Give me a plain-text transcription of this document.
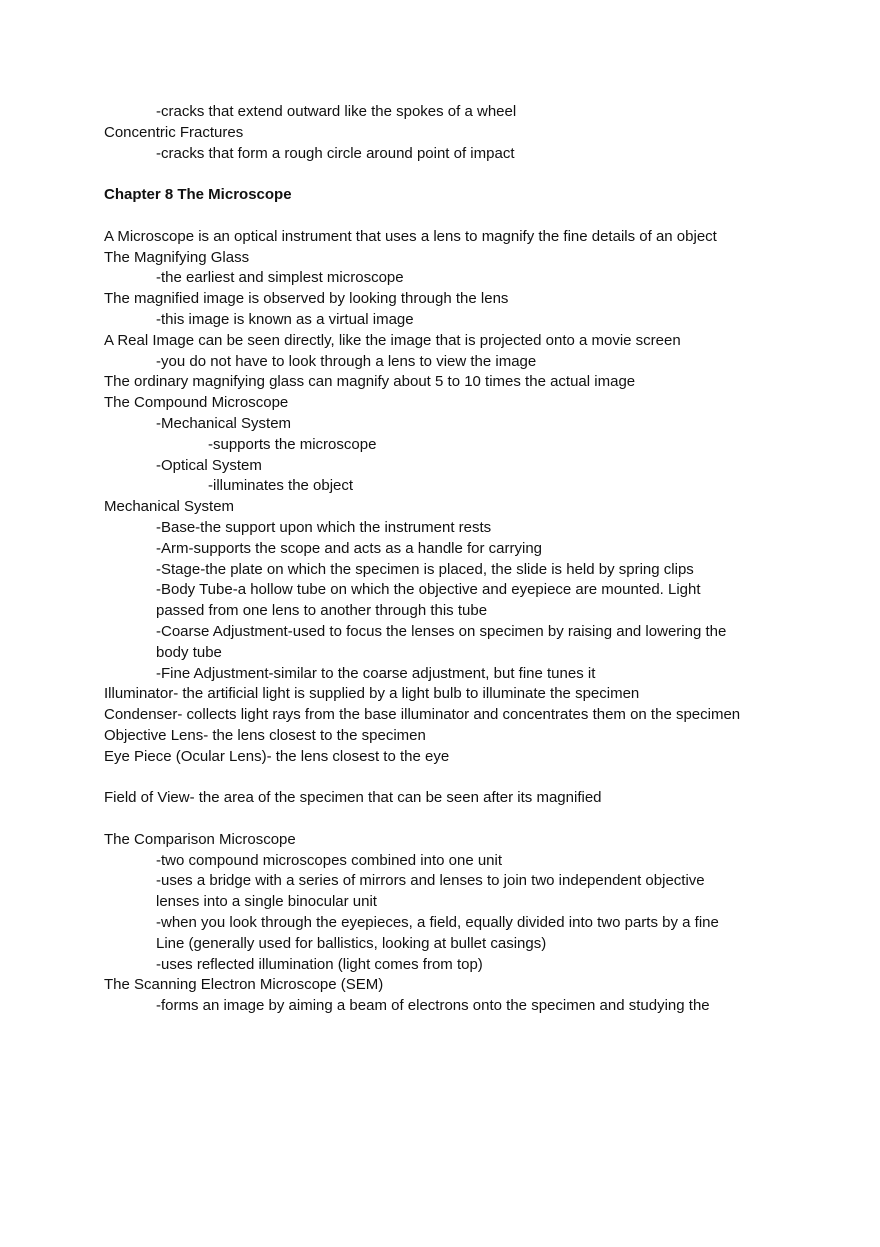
-cracks that extend outward like the spokes of a wheel
Concentric Fractures
-cracks that form a rough circle around point of impact
Chapter 8 The Microscope
A Microscope is an optical instrument that uses a lens to magnify the fine details of an object
The Magnifying Glass
-the earliest and simplest microscope
The magnified image is observed by looking through the lens
-this image is known as a virtual image
A Real Image can be seen directly, like the image that is projected onto a movie screen
-you do not have to look through a lens to view the image
The ordinary magnifying glass can magnify about 5 to 10 times the actual image
The Compound Microscope
-Mechanical System
-supports the microscope
-Optical System
-illuminates the object
Mechanical System
-Base-the support upon which the instrument rests
-Arm-supports the scope and acts as a handle for carrying
-Stage-the plate on which the specimen is placed, the slide is held by spring clips
-Body Tube-a hollow tube on which the objective and eyepiece are mounted. Light
passed from one lens to another through this tube
-Coarse Adjustment-used to focus the lenses on specimen by raising and lowering the
body tube
-Fine Adjustment-similar to the coarse adjustment, but fine tunes it
Illuminator- the artificial light is supplied by a light bulb to illuminate the specimen
Condenser- collects light rays from the base illuminator and concentrates them on the specimen
Objective Lens- the lens closest to the specimen
Eye Piece (Ocular Lens)- the lens closest to the eye
Field of View- the area of the specimen that can be seen after its magnified
The Comparison Microscope
-two compound microscopes combined into one unit
-uses a bridge with a series of mirrors and lenses to join two independent objective
lenses into a single binocular unit
-when you look through the eyepieces, a field, equally divided into two parts by a fine
Line (generally used for ballistics, looking at bullet casings)
-uses reflected illumination (light comes from top)
The Scanning Electron Microscope (SEM)
-forms an image by aiming a beam of electrons onto the specimen and studying the
